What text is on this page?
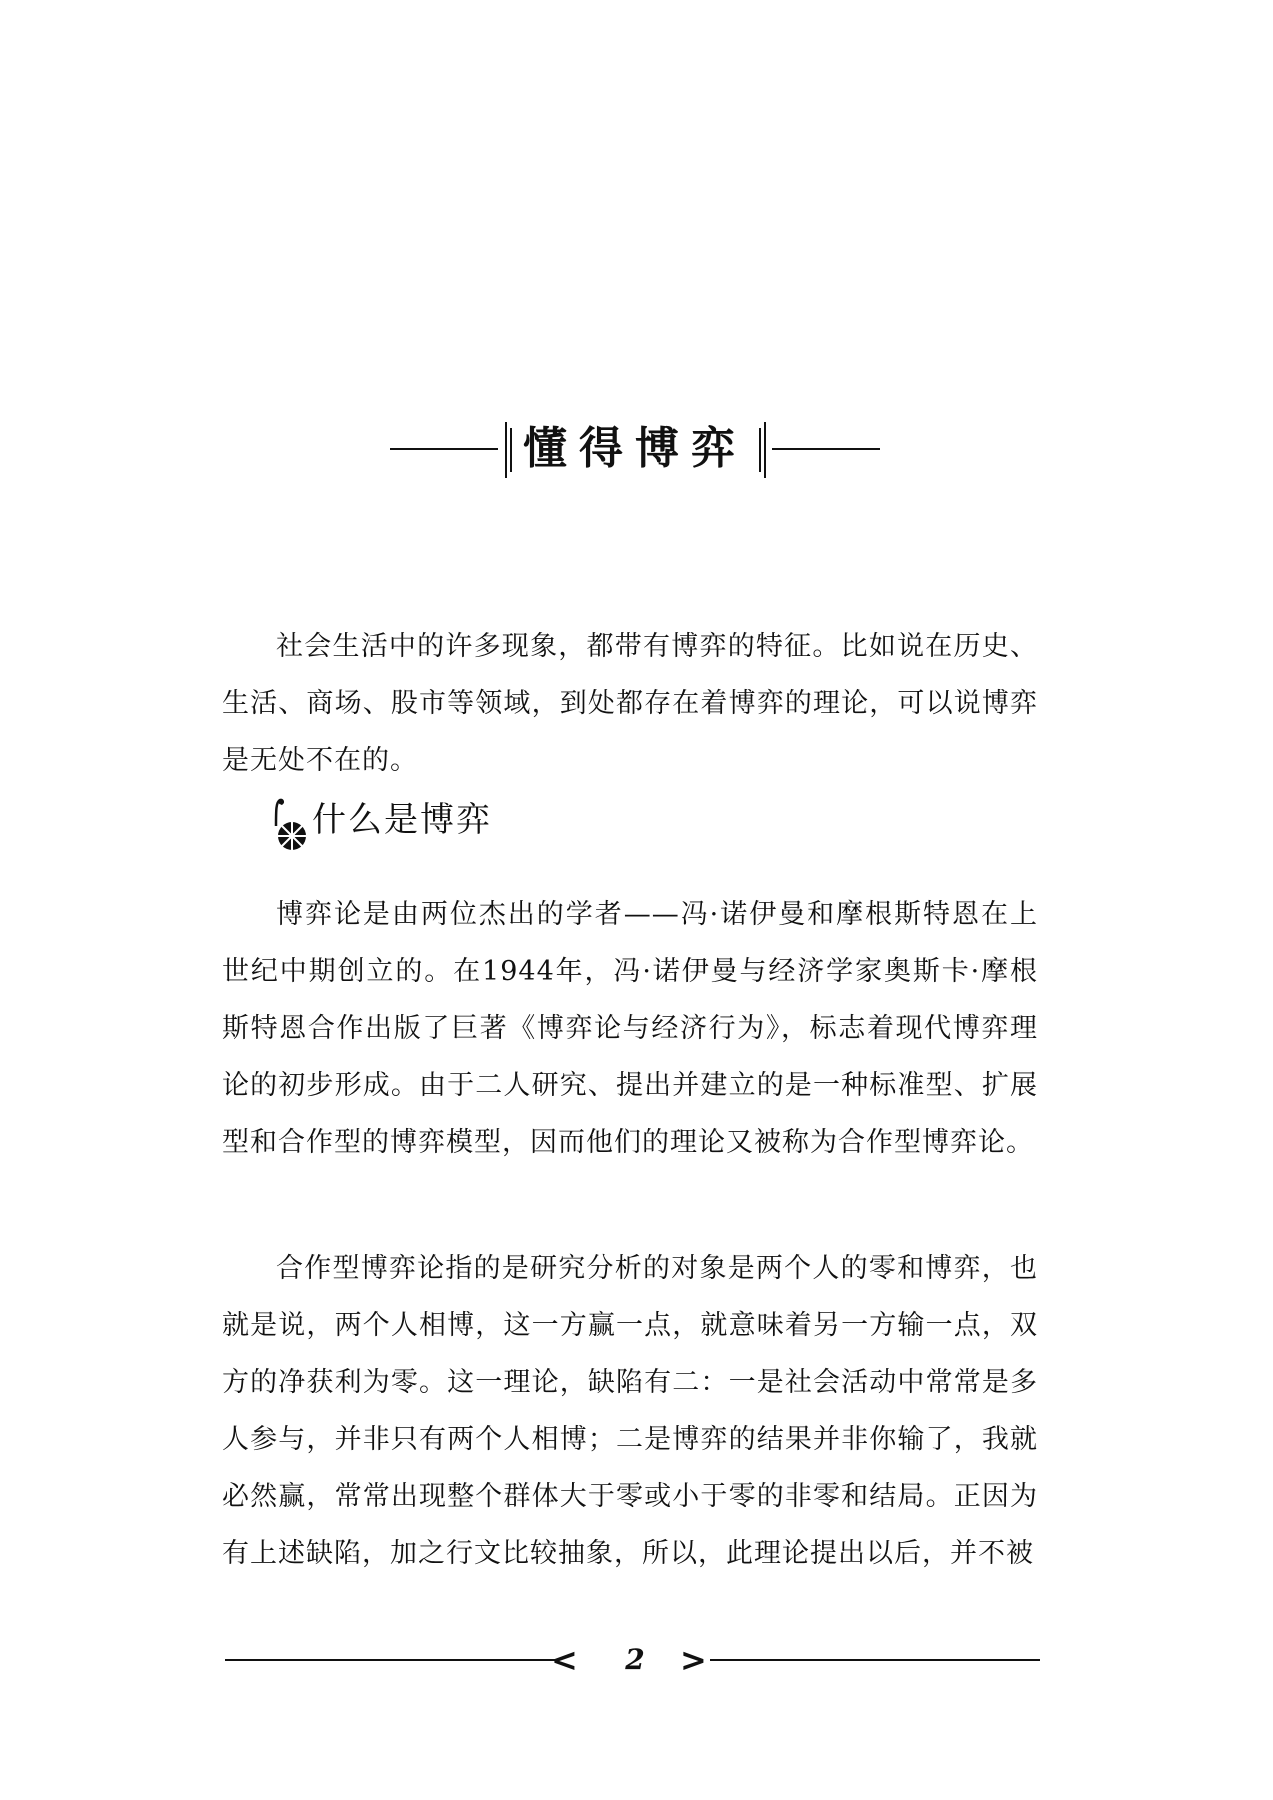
懂得博弈
社会生活中的许多现象，都带有博弈的特征。比如说在历史、生活、商场、股市等领域，到处都存在着博弈的理论，可以说博弈是无处不在的。
什么是博弈
博弈论是由两位杰出的学者——冯·诺伊曼和摩根斯特恩在上世纪中期创立的。在1944年，冯·诺伊曼与经济学家奥斯卡·摩根斯特恩合作出版了巨著《博弈论与经济行为》，标志着现代博弈理论的初步形成。由于二人研究、提出并建立的是一种标准型、扩展型和合作型的博弈模型，因而他们的理论又被称为合作型博弈论。
合作型博弈论指的是研究分析的对象是两个人的零和博弈，也就是说，两个人相博，这一方赢一点，就意味着另一方输一点，双方的净获利为零。这一理论，缺陷有二：一是社会活动中常常是多人参与，并非只有两个人相博；二是博弈的结果并非你输了，我就必然赢，常常出现整个群体大于零或小于零的非零和结局。正因为有上述缺陷，加之行文比较抽象，所以，此理论提出以后，并不被
<	2	>
